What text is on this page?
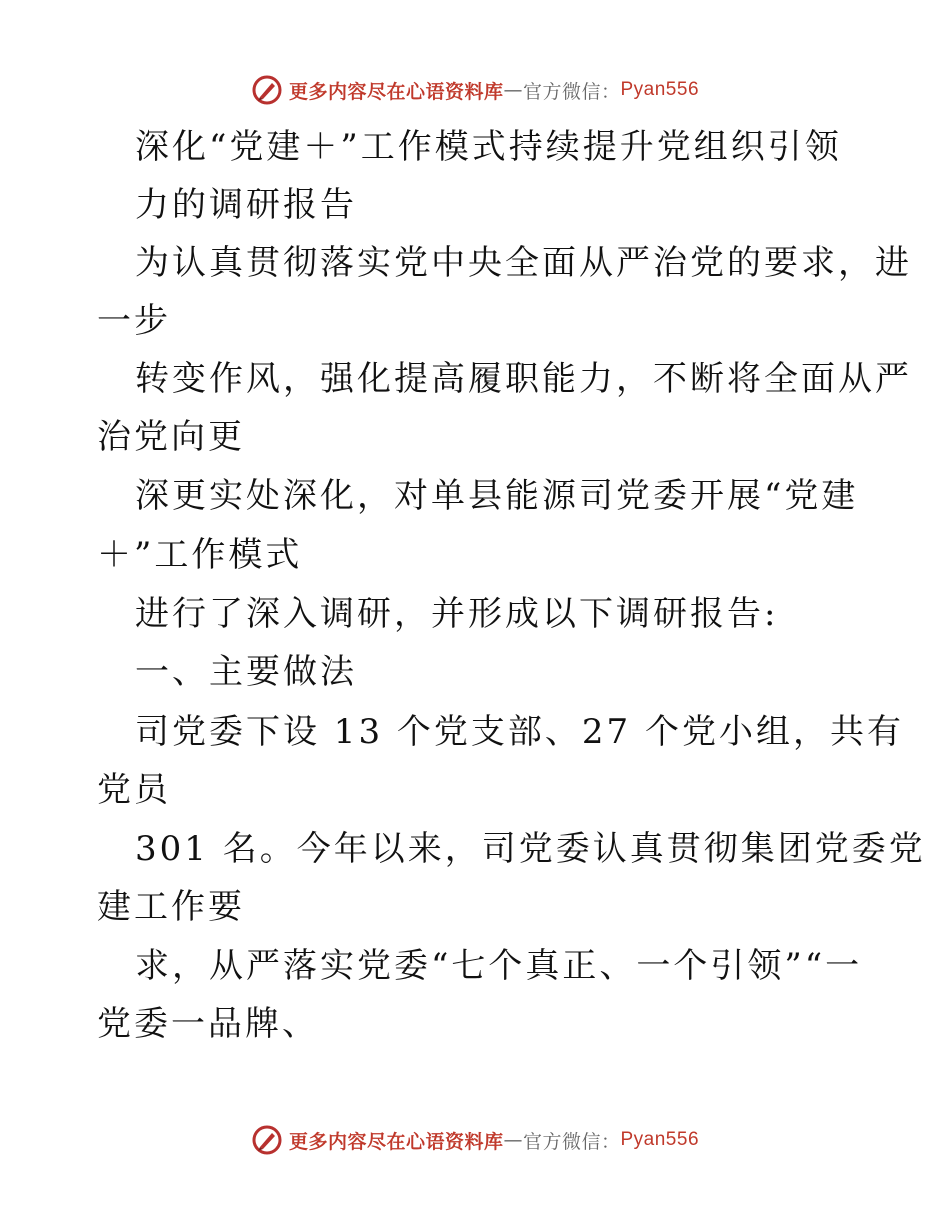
更多内容尽在心语资料库 — 官方微信： Pyan556
深化“党建＋”工作模式持续提升党组织引领
力的调研报告
为认真贯彻落实党中央全面从严治党的要求，进
一步
转变作风，强化提高履职能力，不断将全面从严
治党向更
深更实处深化，对单县能源司党委开展“党建
＋”工作模式
进行了深入调研，并形成以下调研报告:
一、主要做法
司党委下设 13 个党支部、27 个党小组，共有
党员
301 名。今年以来，司党委认真贯彻集团党委党
建工作要
求，从严落实党委“七个真正、一个引领”“一
党委一品牌、
更多内容尽在心语资料库 — 官方微信： Pyan556
